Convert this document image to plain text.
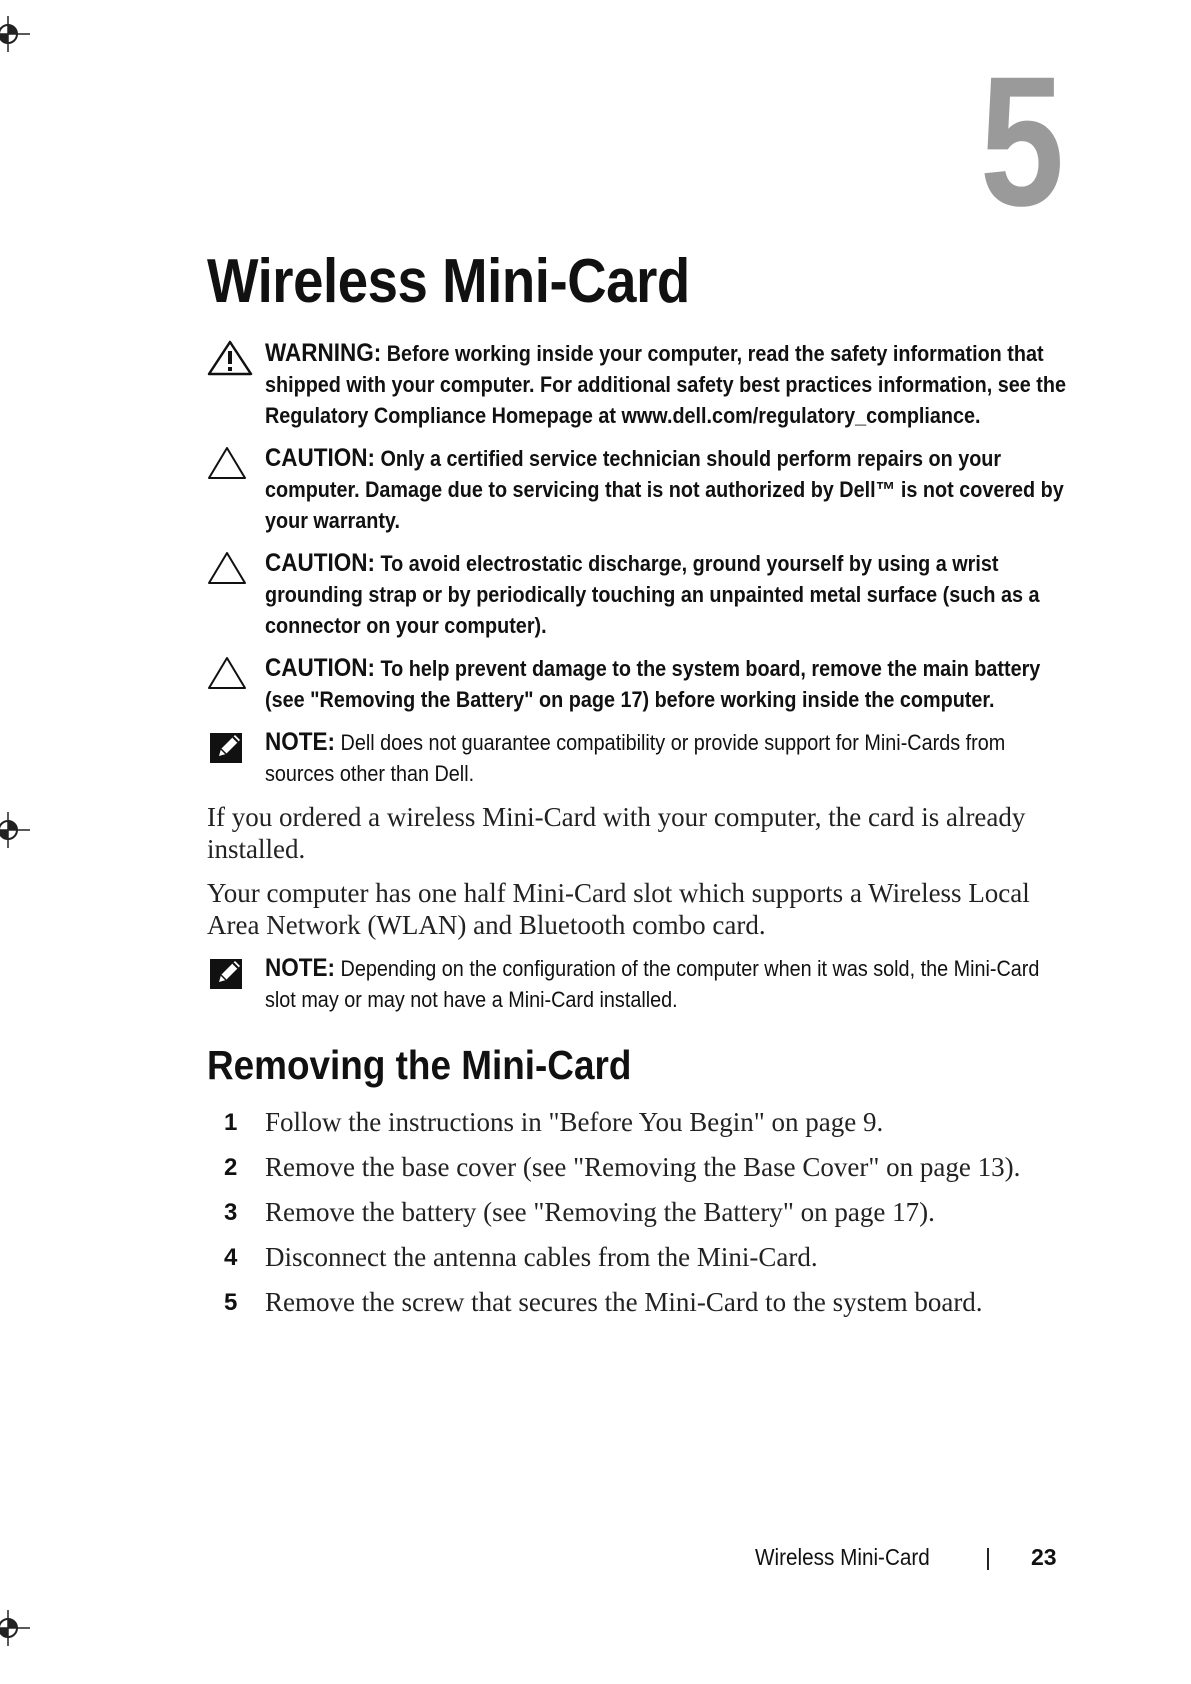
5
Wireless Mini-Card
WARNING: Before working inside your computer, read the safety information that shipped with your computer. For additional safety best practices information, see the Regulatory Compliance Homepage at www.dell.com/regulatory_compliance.
CAUTION: Only a certified service technician should perform repairs on your computer. Damage due to servicing that is not authorized by Dell™ is not covered by your warranty.
CAUTION: To avoid electrostatic discharge, ground yourself by using a wrist grounding strap or by periodically touching an unpainted metal surface (such as a connector on your computer).
CAUTION: To help prevent damage to the system board, remove the main battery (see "Removing the Battery" on page 17) before working inside the computer.
NOTE: Dell does not guarantee compatibility or provide support for Mini-Cards from sources other than Dell.

If you ordered a wireless Mini-Card with your computer, the card is already installed.

Your computer has one half Mini-Card slot which supports a Wireless Local Area Network (WLAN) and Bluetooth combo card.

NOTE: Depending on the configuration of the computer when it was sold, the Mini-Card slot may or may not have a Mini-Card installed.
Removing the Mini-Card
1	Follow the instructions in "Before You Begin" on page 9.
2	Remove the base cover (see "Removing the Base Cover" on page 13).
3	Remove the battery (see "Removing the Battery" on page 17).
4	Disconnect the antenna cables from the Mini-Card.
5	Remove the screw that secures the Mini-Card to the system board.
Wireless Mini-Card | 23
